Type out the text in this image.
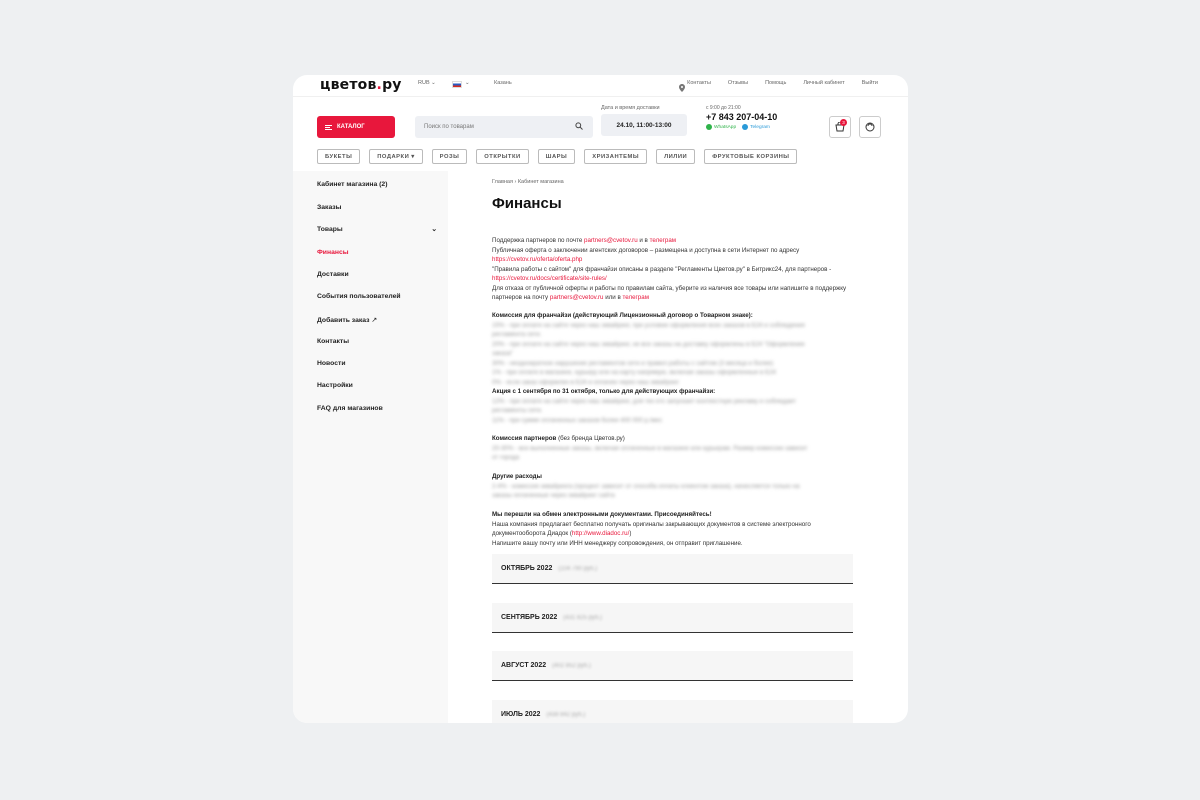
цветов.ру	RUB ⌄	⌄	Казань	Контакты	Отзывы	Помощь	Личный кабинет	Выйти
КАТАЛОГ	Поиск по товарам
Дата и время доставки
24.10, 11:00-13:00
с 9:00 до 21:00
+7 843 207-04-10
WhatsApp	Telegram
3
БУКЕТЫ	ПОДАРКИ ▾	РОЗЫ	ОТКРЫТКИ	ШАРЫ	ХРИЗАНТЕМЫ	ЛИЛИИ	ФРУКТОВЫЕ КОРЗИНЫ
Кабинет магазина (2)
Заказы
Товары	⌄
Финансы
Доставки
События пользователей
Добавить заказ ↗
Контакты
Новости
Настройки
FAQ для магазинов
Главная › Кабинет магазина
Финансы
Поддержка партнеров по почте partners@cvetov.ru и в телеграм
Публичная оферта о заключении агентских договоров – размещена и доступна в сети Интернет по адресу
https://cvetov.ru/oferta/oferta.php
"Правила работы с сайтом" для франчайзи описаны в разделе "Регламенты Цветов.ру" в Битрикс24, для партнеров - https://cvetov.ru/docs/certificate/site-rules/
Для отказа от публичной оферты и работы по правилам сайта, уберите из наличия все товары или напишите в поддержку партнеров на почту partners@cvetov.ru или в телеграм
Комиссия для франчайзи (действующий Лицензионный договор о Товарном знаке):
15% - при оплате на сайте через наш эквайринг, при условии оформления всех заказов в Б24 и соблюдения
регламента сети.
20% - при оплате на сайте через наш эквайринг, не все заказы на доставку оформлены в Б24 "Оформление
заказа"
30% - неоднократное нарушение регламентов сети и правил работы с сайтом (3 месяца и более)
1% - при оплате в магазине, курьеру или на карту напрямую, включая заказы оформленные в Б24
0% - если заказ оформлен в Б24 и оплачен через наш эквайринг
Акция с 1 сентября по 31 октября, только для действующих франчайзи:
12% - при оплате на сайте через наш эквайринг, для тех кто запускает контекстную рекламу и соблюдает
регламенты сети.
11% - при сумме оплаченных заказов более 400 000 р./мес
Комиссия партнеров (без бренда Цветов.ру)
20-30% - все выполненные заказы, включая оплаченные в магазине или курьерам. Размер комиссии зависит
от города
Другие расходы
2-4% - комиссия эквайринга (процент зависит от способа оплаты клиентом заказа), начисляется только на
заказы оплаченные через эквайринг сайта
Мы перешли на обмен электронными документами. Присоединяйтесь!
Наша компания предлагает бесплатно получать оригиналы закрывающих документов в системе электронного
документооборота Диадок (http://www.diadoc.ru/)
Напишите вашу почту или ИНН менеджеру сопровождения, он отправит приглашение.
ОКТЯБРЬ 2022 (104 790 руб.)
СЕНТЯБРЬ 2022 (431 825 руб.)
АВГУСТ 2022 (402 852 руб.)
ИЮЛЬ 2022 (438 842 руб.)
